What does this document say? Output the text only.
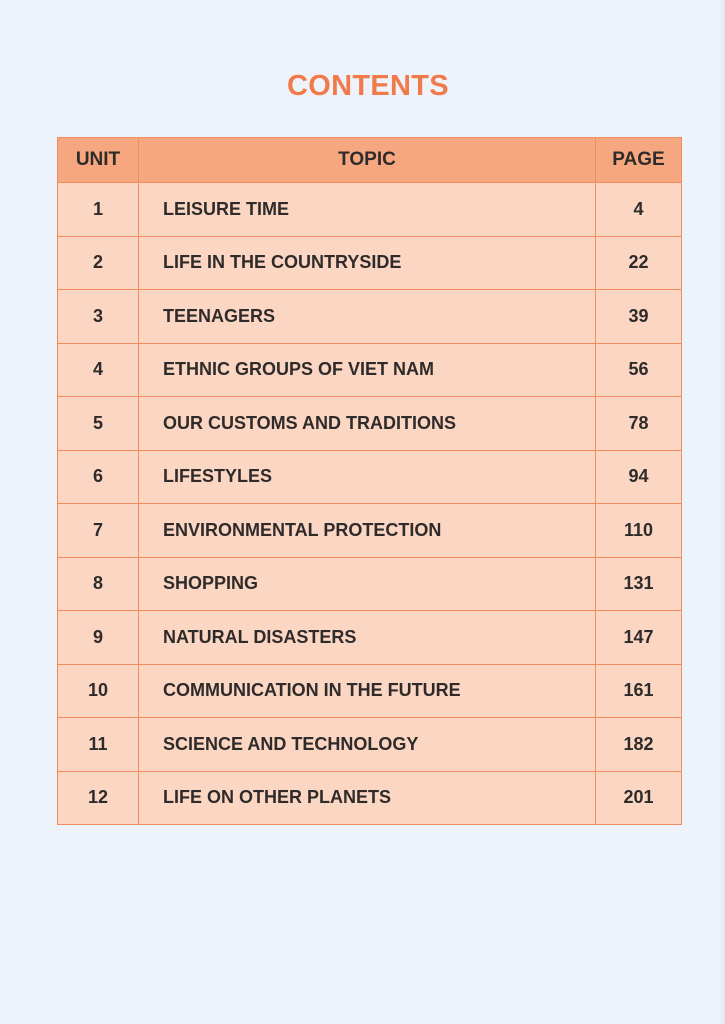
CONTENTS
UNIT	TOPIC	PAGE
1	LEISURE TIME	4
2	LIFE IN THE COUNTRYSIDE	22
3	TEENAGERS	39
4	ETHNIC GROUPS OF VIET NAM	56
5	OUR CUSTOMS AND TRADITIONS	78
6	LIFESTYLES	94
7	ENVIRONMENTAL PROTECTION	110
8	SHOPPING	131
9	NATURAL DISASTERS	147
10	COMMUNICATION IN THE FUTURE	161
11	SCIENCE AND TECHNOLOGY	182
12	LIFE ON OTHER PLANETS	201
